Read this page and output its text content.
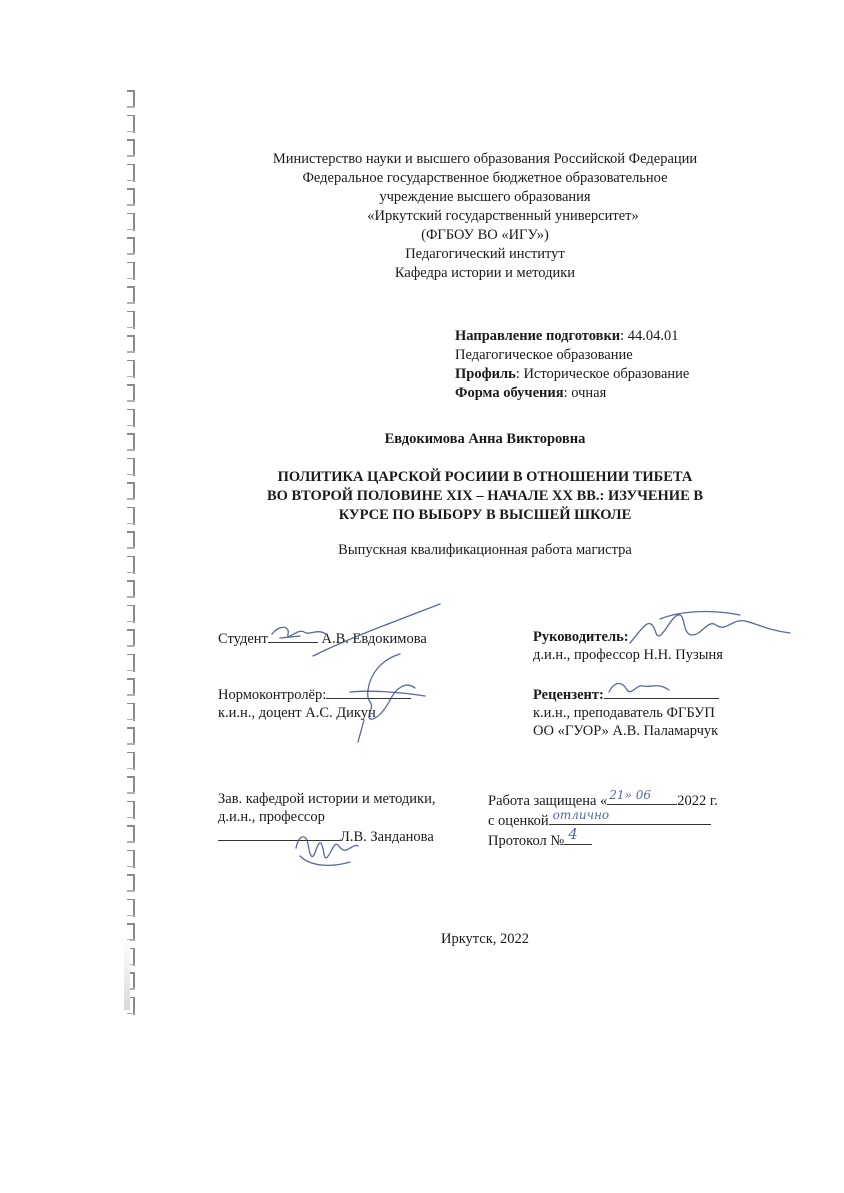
Министерство науки и высшего образования Российской Федерации
Федеральное государственное бюджетное образовательное
учреждение высшего образования
«Иркутский государственный университет»
(ФГБОУ ВО «ИГУ»)
Педагогический институт
Кафедра истории и методики
Направление подготовки: 44.04.01
Педагогическое образование
Профиль: Историческое образование
Форма обучения: очная
Евдокимова Анна Викторовна
ПОЛИТИКА ЦАРСКОЙ РОСИИИ В ОТНОШЕНИИ ТИБЕТА
ВО ВТОРОЙ ПОЛОВИНЕ XIX – НАЧАЛЕ XX ВВ.: ИЗУЧЕНИЕ В
КУРСЕ ПО ВЫБОРУ В ВЫСШЕЙ ШКОЛЕ
Выпускная квалификационная работа магистра
Студент	А.В. Евдокимова	Руководитель:
д.и.н., профессор Н.Н. Пузыня
Нормоконтролёр:
к.и.н., доцент А.С. Дикун
Рецензент:
к.и.н., преподаватель ФГБУП
ОО «ГУОР» А.В. Паламарчук
Зав. кафедрой истории и методики,
д.и.н., профессор
Л.В. Занданова
Работа защищена « 21» 06 2022 г.
с оценкой отлично
Протокол № 4
Иркутск, 2022
